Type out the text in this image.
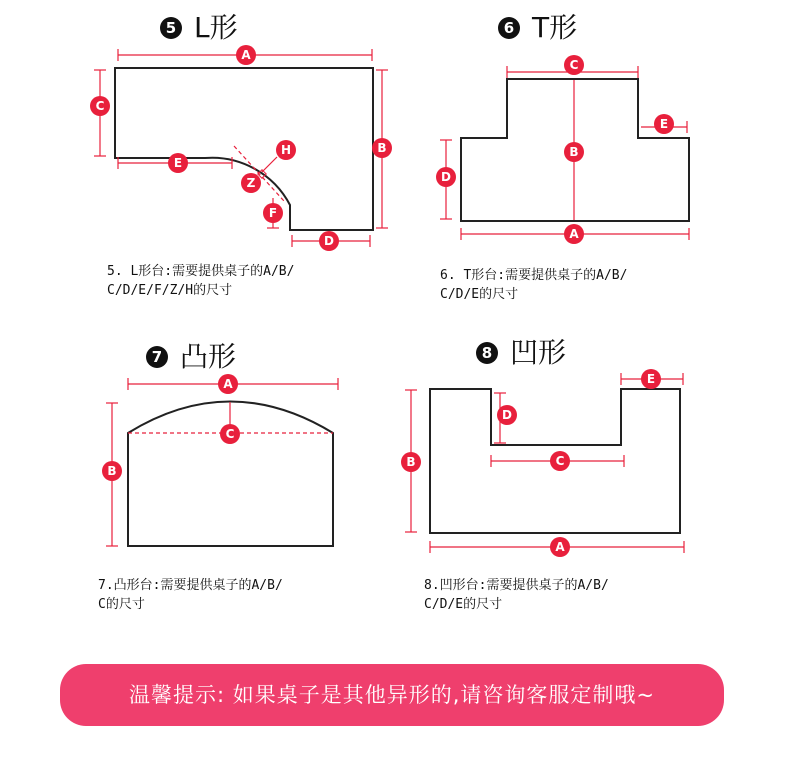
5 L形	6 T形
7 凸形	8 凹形
A
B
C
E
H
Z
F
D
C
B
E
D
A
A
C
B
E
D
C
B
A
5. L形台:需要提供桌子的A/B/
C/D/E/F/Z/H的尺寸
6. T形台:需要提供桌子的A/B/
C/D/E的尺寸
7.凸形台:需要提供桌子的A/B/
C的尺寸
8.凹形台:需要提供桌子的A/B/
C/D/E的尺寸
温馨提示: 如果桌子是其他异形的,请咨询客服定制哦~
